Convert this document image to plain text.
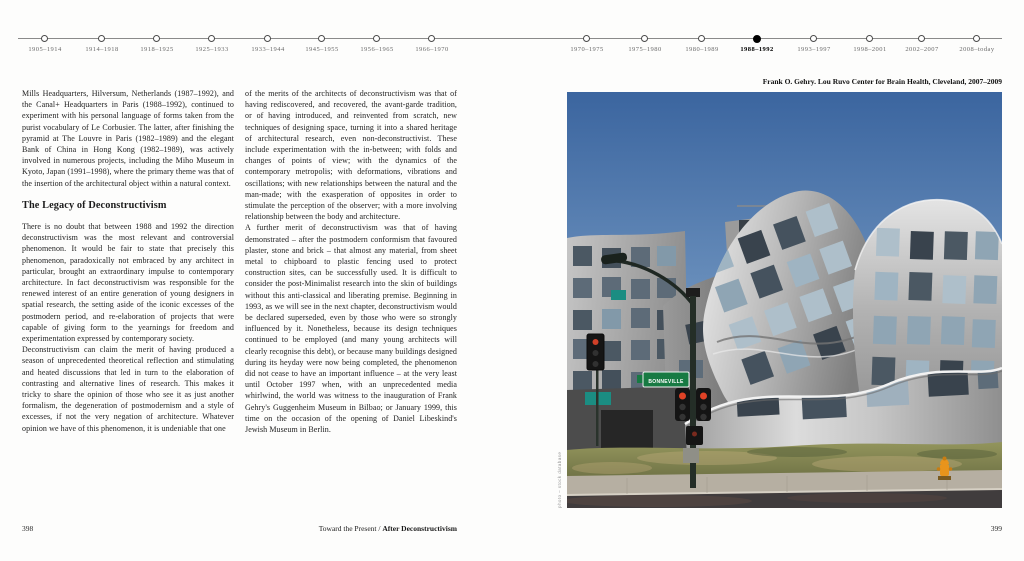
1905–1914	1914–1918	1918–1925	1925–1933	1933–1944	1945–1955	1956–1965	1966–1970	1970–1975	1975–1980	1980–1989	1988–1992	1993–1997	1998–2001	2002–2007	2008–today

Mills Headquarters, Hilversum, Netherlands (1987–1992), and the Canal+ Headquarters in Paris (1988–1992), continued to experiment with his personal language of forms taken from the purist vocabulary of Le Corbusier. The latter, after finishing the pyramid at The Louvre in Paris (1982–1989) and the elegant Bank of China in Hong Kong (1982–1989), was actively involved in numerous projects, including the Miho Museum in Kyoto, Japan (1991–1998), where the primary theme was that of the insertion of the architectural object within a natural context.

The Legacy of Deconstructivism

There is no doubt that between 1988 and 1992 the direction deconstructivism was the most relevant and controversial phenomenon. It would be fair to state that precisely this phenomenon, paradoxically not embraced by any architect in particular, brought an extraordinary impulse to contemporary architecture. In fact deconstructivism was responsible for the renewed interest of an entire generation of young designers in spatial research, the setting aside of the iconic excesses of the postmodern period, and re-elaboration of projects that were capable of giving form to the yearnings for freedom and experimentation expressed by contemporary society.

Deconstructivism can claim the merit of having produced a season of unprecedented theoretical reflection and stimulating and heated discussions that led in turn to the elaboration of contrasting and alternative lines of research. This makes it tricky to share the opinion of those who see it as just another formalism, the degeneration of postmodernism and a style of excesses, if not the very negation of architecture. Whatever opinion we have of this phenomenon, it is undeniable that one

of the merits of the architects of deconstructivism was that of having rediscovered, and recovered, the avant-garde tradition, or of having introduced, and reinvented from scratch, new techniques of designing space, turning it into a shared heritage of architectural research, even non-deconstructivist. These include experimentation with the in-between; with folds and changes of points of view; with the dynamics of the contemporary metropolis; with deformations, vibrations and oscillations; with new relationships between the natural and the man-made; with the exasperation of opposites in order to stimulate the perception of the observer; with a more involving relationship between the body and architecture.

A further merit of deconstructivism was that of having demonstrated – after the postmodern conformism that favoured plaster, stone and brick – that almost any material, from sheet metal to chipboard to plastic fencing used to protect construction sites, can be successfully used. It is difficult to consider the post-Minimalist research into the skin of buildings without this anti-classical and liberating premise. Beginning in 1993, as we will see in the next chapter, deconstructivism would be declared superseded, even by those who were so strongly influenced by it. Nonetheless, because its design techniques continued to be employed (and many young architects will clearly recognise this debt), or because many buildings designed during its heyday were now being completed, the phenomenon did not cease to have an important influence – at the very least until October 1997 when, with an unprecedented media whirlwind, the world was witness to the inauguration of Frank Gehry's Guggenheim Museum in Bilbao; or January 1999, this time on the occasion of the opening of Daniel Libeskind's Jewish Museum in Berlin.

Frank O. Gehry. Lou Ruvo Center for Brain Health, Cleveland, 2007–2009
BONNEVILLE
photo – stock database
398	Toward the Present / After Deconstructivism	399
